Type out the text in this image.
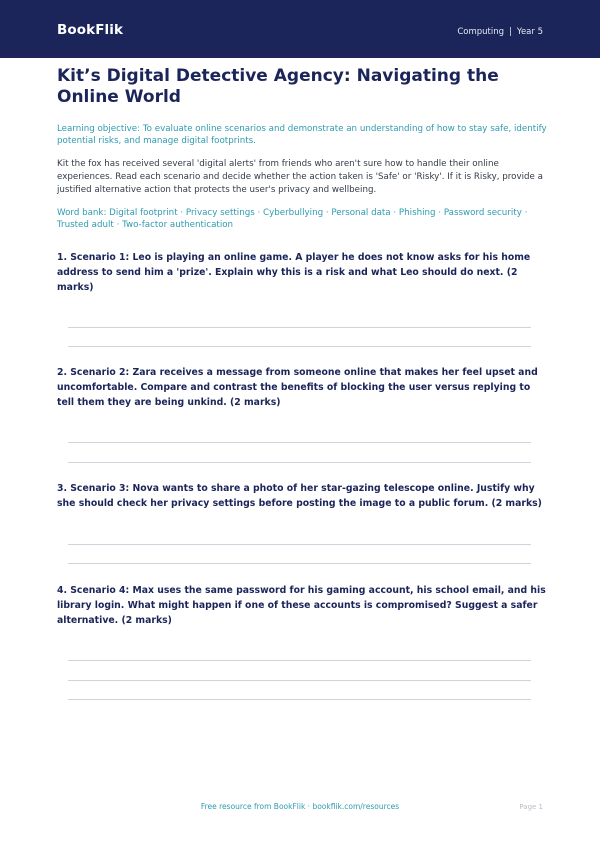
BookFlik	Computing | Year 5
Kit’s Digital Detective Agency: Navigating the Online World
Learning objective: To evaluate online scenarios and demonstrate an understanding of how to stay safe, identify potential risks, and manage digital footprints.
Kit the fox has received several 'digital alerts' from friends who aren't sure how to handle their online experiences. Read each scenario and decide whether the action taken is 'Safe' or 'Risky'. If it is Risky, provide a justified alternative action that protects the user's privacy and wellbeing.
Word bank: Digital footprint · Privacy settings · Cyberbullying · Personal data · Phishing · Password security · Trusted adult · Two-factor authentication
1. Scenario 1: Leo is playing an online game. A player he does not know asks for his home address to send him a 'prize'. Explain why this is a risk and what Leo should do next. (2 marks)
2. Scenario 2: Zara receives a message from someone online that makes her feel upset and uncomfortable. Compare and contrast the benefits of blocking the user versus replying to tell them they are being unkind. (2 marks)
3. Scenario 3: Nova wants to share a photo of her star-gazing telescope online. Justify why she should check her privacy settings before posting the image to a public forum. (2 marks)
4. Scenario 4: Max uses the same password for his gaming account, his school email, and his library login. What might happen if one of these accounts is compromised? Suggest a safer alternative. (2 marks)
Free resource from BookFlik · bookflik.com/resources	Page 1
